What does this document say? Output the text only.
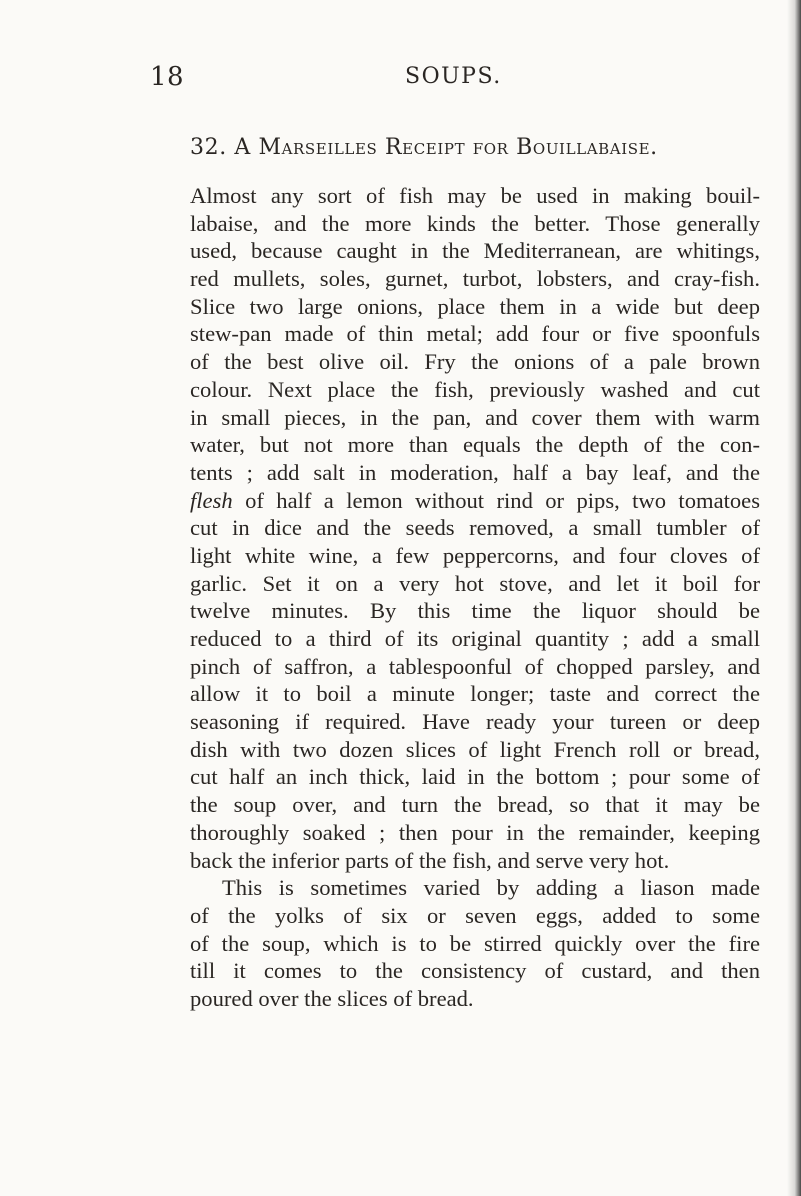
18	SOUPS.
32. A Marseilles Receipt for Bouillabaise.
Almost any sort of fish may be used in making bouil-
labaise, and the more kinds the better. Those generally
used, because caught in the Mediterranean, are whitings,
red mullets, soles, gurnet, turbot, lobsters, and cray-fish.
Slice two large onions, place them in a wide but deep
stew-pan made of thin metal; add four or five spoonfuls
of the best olive oil. Fry the onions of a pale brown
colour. Next place the fish, previously washed and cut
in small pieces, in the pan, and cover them with warm
water, but not more than equals the depth of the con-
tents ; add salt in moderation, half a bay leaf, and the
flesh of half a lemon without rind or pips, two tomatoes
cut in dice and the seeds removed, a small tumbler of
light white wine, a few peppercorns, and four cloves of
garlic. Set it on a very hot stove, and let it boil for
twelve minutes. By this time the liquor should be
reduced to a third of its original quantity ; add a small
pinch of saffron, a tablespoonful of chopped parsley, and
allow it to boil a minute longer; taste and correct the
seasoning if required. Have ready your tureen or deep
dish with two dozen slices of light French roll or bread,
cut half an inch thick, laid in the bottom ; pour some of
the soup over, and turn the bread, so that it may be
thoroughly soaked ; then pour in the remainder, keeping
back the inferior parts of the fish, and serve very hot.
This is sometimes varied by adding a liason made
of the yolks of six or seven eggs, added to some
of the soup, which is to be stirred quickly over the fire
till it comes to the consistency of custard, and then
poured over the slices of bread.
